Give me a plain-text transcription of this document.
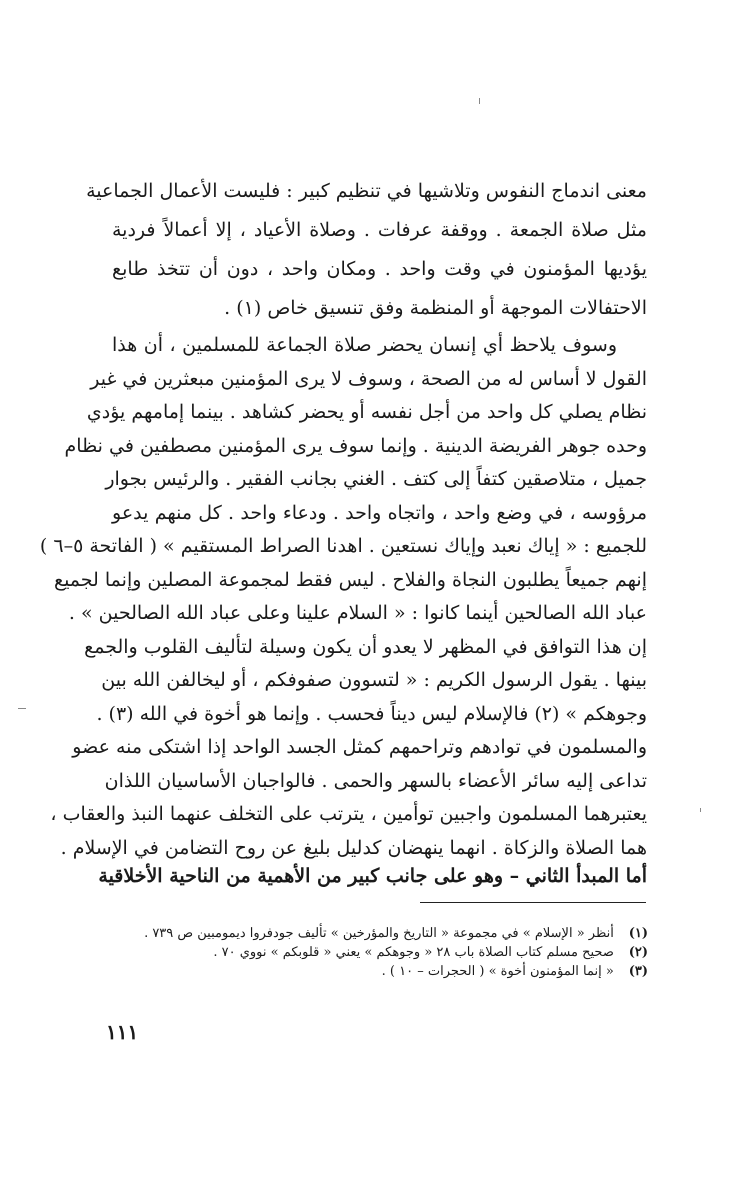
معنى اندماج النفوس وتلاشيها في تنظيم كبير : فليست الأعمال الجماعية
مثل صلاة الجمعة . ووقفة عرفات . وصلاة الأعياد ، إلا أعمالاً فردية
يؤديها المؤمنون في وقت واحد . ومكان واحد ، دون أن تتخذ طابع
الاحتفالات الموجهة أو المنظمة وفق تنسيق خاص (١) .
وسوف يلاحظ أي إنسان يحضر صلاة الجماعة للمسلمين ، أن هذا
القول لا أساس له من الصحة ، وسوف لا يرى المؤمنين مبعثرين في غير
نظام يصلي كل واحد من أجل نفسه أو يحضر كشاهد . بينما إمامهم يؤدي
وحده جوهر الفريضة الدينية . وإنما سوف يرى المؤمنين مصطفين في نظام
جميل ، متلاصقين كتفاً إلى كتف . الغني بجانب الفقير . والرئيس بجوار
مرؤوسه ، في وضع واحد ، واتجاه واحد . ودعاء واحد . كل منهم يدعو
للجميع : « إياك نعبد وإياك نستعين . اهدنا الصراط المستقيم » ( الفاتحة ٥–٦ )
إنهم جميعاً يطلبون النجاة والفلاح . ليس فقط لمجموعة المصلين وإنما لجميع
عباد الله الصالحين أينما كانوا : « السلام علينا وعلى عباد الله الصالحين » .
إن هذا التوافق في المظهر لا يعدو أن يكون وسيلة لتأليف القلوب والجمع
بينها . يقول الرسول الكريم : « لتسوون صفوفكم ، أو ليخالفن الله بين
وجوهكم » (٢) فالإسلام ليس ديناً فحسب . وإنما هو أخوة في الله (٣) .
والمسلمون في توادهم وتراحمهم كمثل الجسد الواحد إذا اشتكى منه عضو
تداعى إليه سائر الأعضاء بالسهر والحمى . فالواجبان الأساسيان اللذان
يعتبرهما المسلمون واجبين توأمين ، يترتب على التخلف عنهما النبذ والعقاب ،
هما الصلاة والزكاة . انهما ينهضان كدليل بليغ عن روح التضامن في الإسلام .
أما المبدأ الثاني – وهو على جانب كبير من الأهمية من الناحية الأخلاقية
(١) أنظر « الإسلام » في مجموعة « التاريخ والمؤرخين » تأليف جودفروا ديمومبين ص ٧٣٩ .
(٢) صحيح مسلم كتاب الصلاة باب ٢٨ « وجوهكم » يعني « قلوبكم » نووي ٧٠ .
(٣) « إنما المؤمنون أخوة » ( الحجرات – ١٠ ) .
١١١
